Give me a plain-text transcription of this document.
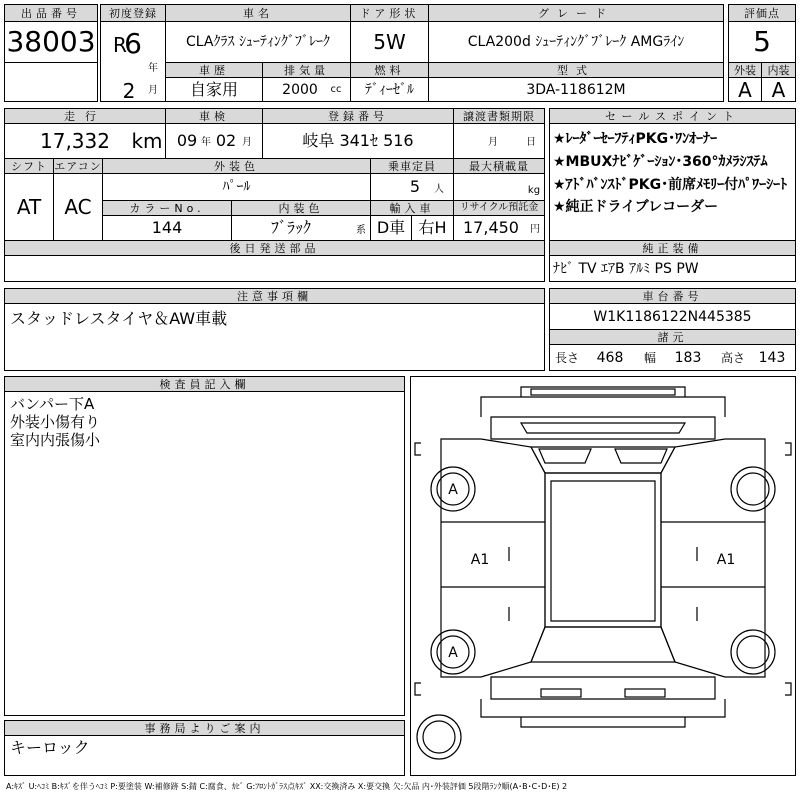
出品番号
38003
初度登録
R
6
年
2	月
車名
CLAｸﾗｽ ｼｭｰﾃｨﾝｸﾞﾌﾞﾚｰｸ
ドア形状
5W
グレード
CLA200d ｼｭｰﾃｨﾝｸﾞﾌﾞﾚｰｸ AMGﾗｲﾝ
評価点
5
車歴
自家用
排気量
2000	cc
燃料
ﾃﾞｨｰｾﾞﾙ
型式
3DA-118612M
外装	内装
A A
走行
17,332	km
車検
09 年 02 月
登録番号
岐阜 341ｾ 516
譲渡書類期限
月	日
シフト
AT
エアコン
AC
外装色
ﾊﾟｰﾙ
乗車定員
5	人
最大積載量
kg
カラーNo.
144
内装色
ﾌﾞﾗｯｸ	系
輸入車
D車 右H
リサイクル預託金
17,450	円
後日発送部品
セールスポイント
★ﾚｰﾀﾞｰｾｰﾌﾃｨPKG･ﾜﾝｵｰﾅｰ
★MBUXﾅﾋﾞｹﾞｰｼｮﾝ･360°ｶﾒﾗｼｽﾃﾑ
★ｱﾄﾞﾊﾞﾝｽﾄﾞPKG･前席ﾒﾓﾘｰ付ﾊﾟﾜｰｼｰﾄ
★純正ドライブレコーダー
純正装備
ﾅﾋﾞ TV ｴｱB ｱﾙﾐ PS PW
注意事項欄
スタッドレスタイヤ＆AW車載
車台番号
W1K1186122N445385
諸元
長さ	468	幅	183	高さ 143
検査員記入欄
バンパー下A
外装小傷有り
室内内張傷小
事務局よりご案内
キーロック
A
A1	A1
A
A:ｷｽﾞ U:ﾍｺﾐ B:ｷｽﾞを伴うﾍｺﾐ P:要塗装 W:補修跡 S:錆 C:腐食、ｶﾋﾞ G:ﾌﾛﾝﾄｶﾞﾗｽ点ｷｽﾞ XX:交換済み X:要交換 欠:欠品 内･外装評価 5段階ﾗﾝｸ順(A･B･C･D･E) 2
